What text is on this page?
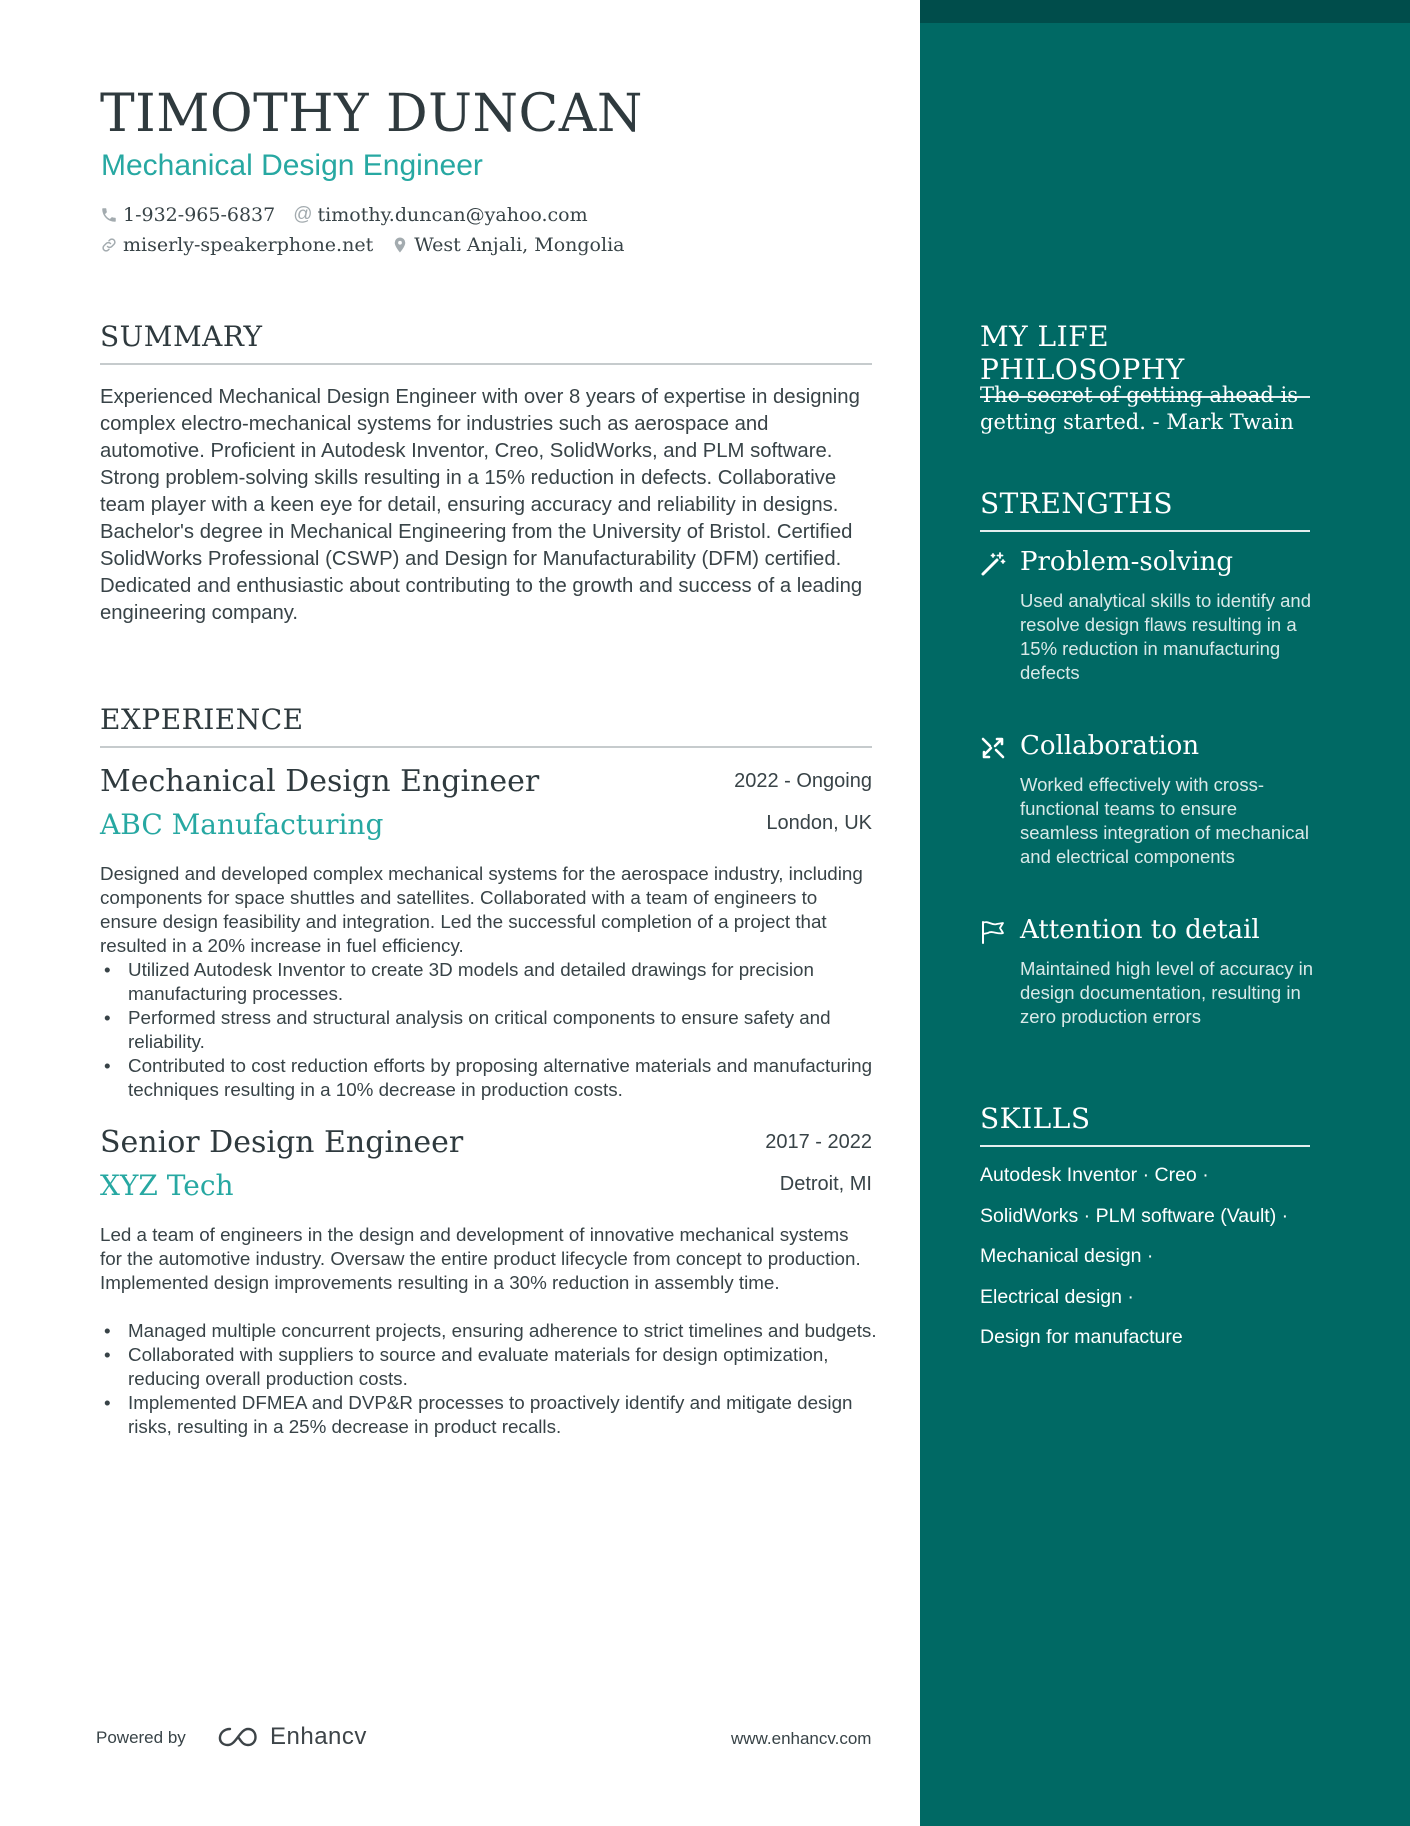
TIMOTHY DUNCAN
Mechanical Design Engineer
1-932-965-6837 @ timothy.duncan@yahoo.com
miserly-speakerphone.net West Anjali, Mongolia
SUMMARY

Experienced Mechanical Design Engineer with over 8 years of expertise in designing complex electro-mechanical systems for industries such as aerospace and automotive. Proficient in Autodesk Inventor, Creo, SolidWorks, and PLM software. Strong problem-solving skills resulting in a 15% reduction in defects. Collaborative team player with a keen eye for detail, ensuring accuracy and reliability in designs. Bachelor's degree in Mechanical Engineering from the University of Bristol. Certified SolidWorks Professional (CSWP) and Design for Manufacturability (DFM) certified. Dedicated and enthusiastic about contributing to the growth and success of a leading engineering company.

EXPERIENCE
Mechanical Design Engineer	2022 - Ongoing
ABC Manufacturing	London, UK

Designed and developed complex mechanical systems for the aerospace industry, including components for space shuttles and satellites. Collaborated with a team of engineers to ensure design feasibility and integration. Led the successful completion of a project that resulted in a 20% increase in fuel efficiency.

• Utilized Autodesk Inventor to create 3D models and detailed drawings for precision manufacturing processes.
• Performed stress and structural analysis on critical components to ensure safety and reliability.
• Contributed to cost reduction efforts by proposing alternative materials and manufacturing techniques resulting in a 10% decrease in production costs.
Senior Design Engineer	2017 - 2022
XYZ Tech	Detroit, MI

Led a team of engineers in the design and development of innovative mechanical systems for the automotive industry. Oversaw the entire product lifecycle from concept to production. Implemented design improvements resulting in a 30% reduction in assembly time.

• Managed multiple concurrent projects, ensuring adherence to strict timelines and budgets.
• Collaborated with suppliers to source and evaluate materials for design optimization, reducing overall production costs.
• Implemented DFMEA and DVP&R processes to proactively identify and mitigate design risks, resulting in a 25% decrease in product recalls.
Powered by	Enhancv	www.enhancv.com
MY LIFE PHILOSOPHY

The secret of getting ahead is getting started. - Mark Twain

STRENGTHS
Problem-solving

Used analytical skills to identify and resolve design flaws resulting in a 15% reduction in manufacturing defects

Collaboration

Worked effectively with cross-functional teams to ensure seamless integration of mechanical and electrical components

Attention to detail

Maintained high level of accuracy in design documentation, resulting in zero production errors

SKILLS
Autodesk Inventor · Creo ·
SolidWorks · PLM software (Vault) ·
Mechanical design ·
Electrical design ·
Design for manufacture
